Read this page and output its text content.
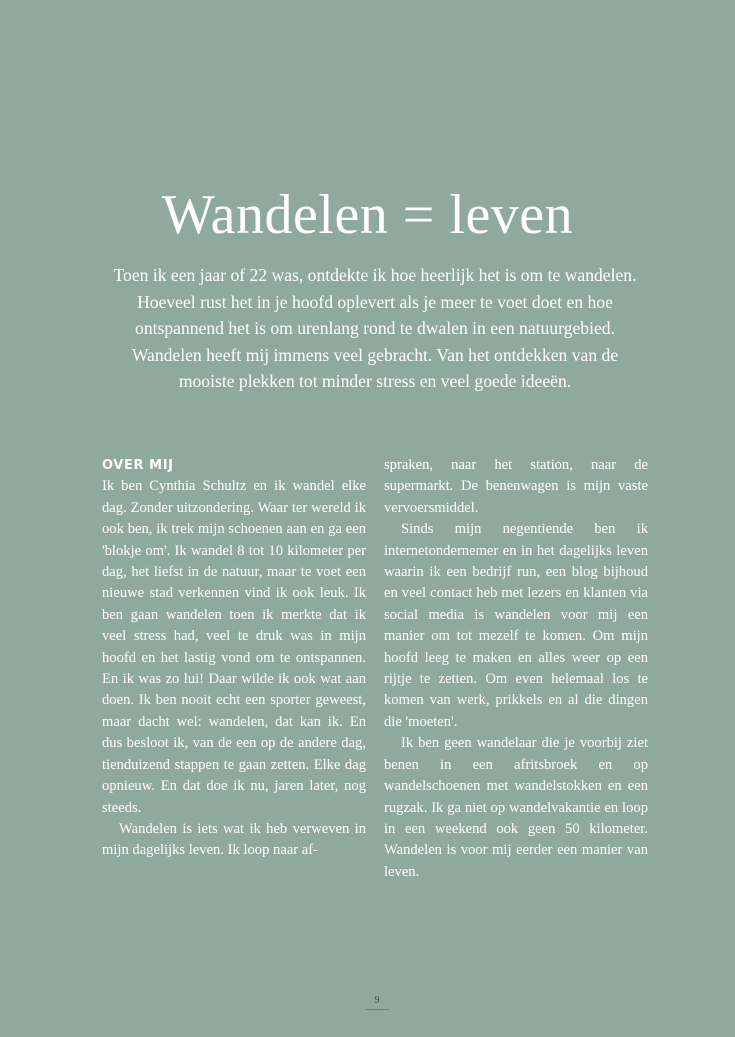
Wandelen = leven

Toen ik een jaar of 22 was, ontdekte ik hoe heerlijk het is om te wandelen. Hoeveel rust het in je hoofd oplevert als je meer te voet doet en hoe ontspannend het is om urenlang rond te dwalen in een natuurgebied. Wandelen heeft mij immens veel gebracht. Van het ontdekken van de mooiste plekken tot minder stress en veel goede ideeën.

OVER MIJ

Ik ben Cynthia Schultz en ik wandel elke dag. Zonder uitzondering. Waar ter wereld ik ook ben, ik trek mijn schoenen aan en ga een 'blokje om'. Ik wandel 8 tot 10 kilometer per dag, het liefst in de natuur, maar te voet een nieuwe stad verkennen vind ik ook leuk. Ik ben gaan wandelen toen ik merkte dat ik veel stress had, veel te druk was in mijn hoofd en het lastig vond om te ontspannen. En ik was zo lui! Daar wilde ik ook wat aan doen. Ik ben nooit echt een sporter geweest, maar dacht wel: wandelen, dat kan ik. En dus besloot ik, van de een op de andere dag, tienduizend stappen te gaan zetten. Elke dag opnieuw. En dat doe ik nu, jaren later, nog steeds.

Wandelen is iets wat ik heb verweven in mijn dagelijks leven. Ik loop naar af-

spraken, naar het station, naar de supermarkt. De benenwagen is mijn vaste vervoersmiddel.

Sinds mijn negentiende ben ik internetondernemer en in het dagelijks leven waarin ik een bedrijf run, een blog bijhoud en veel contact heb met lezers en klanten via social media is wandelen voor mij een manier om tot mezelf te komen. Om mijn hoofd leeg te maken en alles weer op een rijtje te zetten. Om even helemaal los te komen van werk, prikkels en al die dingen die 'moeten'.

Ik ben geen wandelaar die je voorbij ziet benen in een afritsbroek en op wandelschoenen met wandelstokken en een rugzak. Ik ga niet op wandelvakantie en loop in een weekend ook geen 50 kilometer. Wandelen is voor mij eerder een manier van leven.

9
